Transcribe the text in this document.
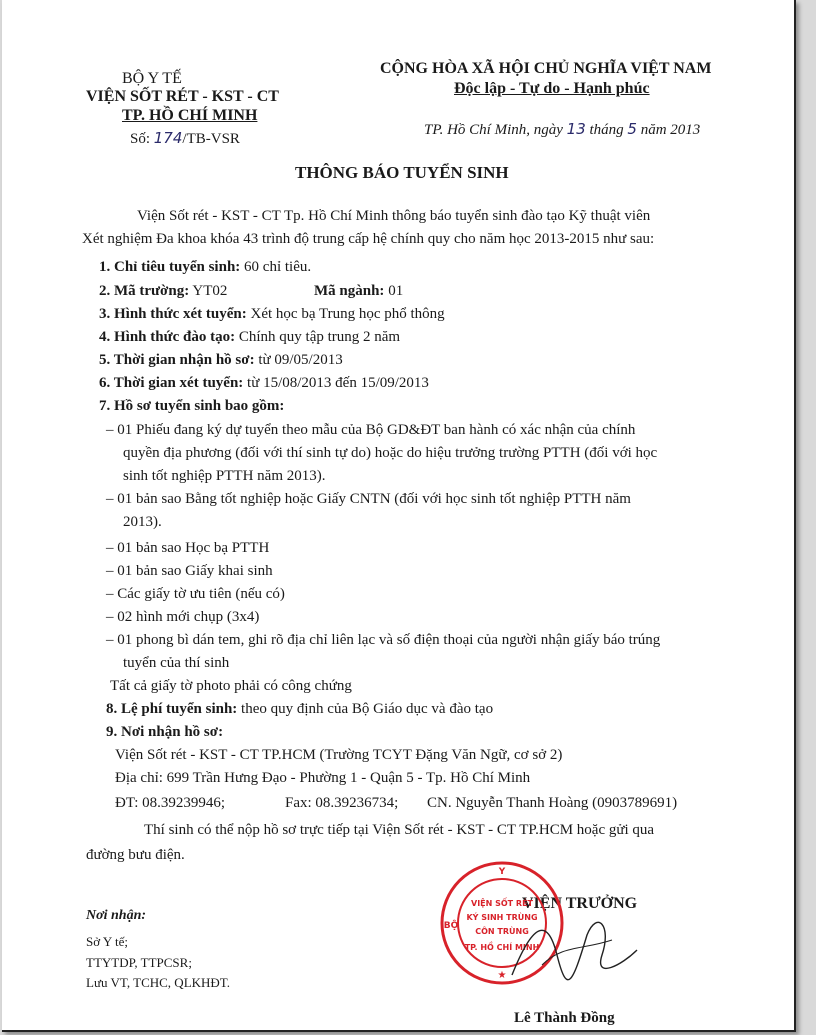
BỘ Y TẾ
VIỆN SỐT RÉT - KST - CT
TP. HỒ CHÍ MINH
Số: 174/TB-VSR
CỘNG HÒA XÃ HỘI CHỦ NGHĨA VIỆT NAM
Độc lập - Tự do - Hạnh phúc
TP. Hồ Chí Minh, ngày 13 tháng 5 năm 2013
THÔNG BÁO TUYỂN SINH
Viện Sốt rét - KST - CT Tp. Hồ Chí Minh thông báo tuyển sinh đào tạo Kỹ thuật viên
Xét nghiệm Đa khoa khóa 43 trình độ trung cấp hệ chính quy cho năm học 2013-2015 như sau:
1. Chỉ tiêu tuyển sinh: 60 chỉ tiêu.
2. Mã trường: YT02	Mã ngành: 01
3. Hình thức xét tuyển: Xét học bạ Trung học phổ thông
4. Hình thức đào tạo: Chính quy tập trung 2 năm
5. Thời gian nhận hồ sơ: từ 09/05/2013
6. Thời gian xét tuyển: từ 15/08/2013 đến 15/09/2013
7. Hồ sơ tuyển sinh bao gồm:
– 01 Phiếu đang ký dự tuyển theo mẫu của Bộ GD&ĐT ban hành có xác nhận của chính
quyền địa phương (đối với thí sinh tự do) hoặc do hiệu trưởng trường PTTH (đối với học
sinh tốt nghiệp PTTH năm 2013).
– 01 bản sao Bằng tốt nghiệp hoặc Giấy CNTN (đối với học sinh tốt nghiệp PTTH năm
2013).
– 01 bản sao Học bạ PTTH
– 01 bản sao Giấy khai sinh
– Các giấy tờ ưu tiên (nếu có)
– 02 hình mới chụp (3x4)
– 01 phong bì dán tem, ghi rõ địa chỉ liên lạc và số điện thoại của người nhận giấy báo trúng
tuyển của thí sinh
Tất cả giấy tờ photo phải có công chứng
8. Lệ phí tuyển sinh: theo quy định của Bộ Giáo dục và đào tạo
9. Nơi nhận hồ sơ:
Viện Sốt rét - KST - CT TP.HCM (Trường TCYT Đặng Văn Ngữ, cơ sở 2)
Địa chỉ: 699 Trần Hưng Đạo - Phường 1 - Quận 5 - Tp. Hồ Chí Minh
ĐT: 08.39239946;	Fax: 08.39236734; CN. Nguyễn Thanh Hoàng (0903789691)
Thí sinh có thể nộp hồ sơ trực tiếp tại Viện Sốt rét - KST - CT TP.HCM hoặc gửi qua
đường bưu điện.
Nơi nhận:
Sở Y tế;
TTYTDP, TTPCSR;
Lưu VT, TCHC, QLKHĐT.
VIỆN TRƯỞNG
Y
BỘ
VIỆN SỐT RÉT
KÝ SINH TRÙNG
CÔN TRÙNG
TP. HỒ CHÍ MINH
★
Lê Thành Đồng
